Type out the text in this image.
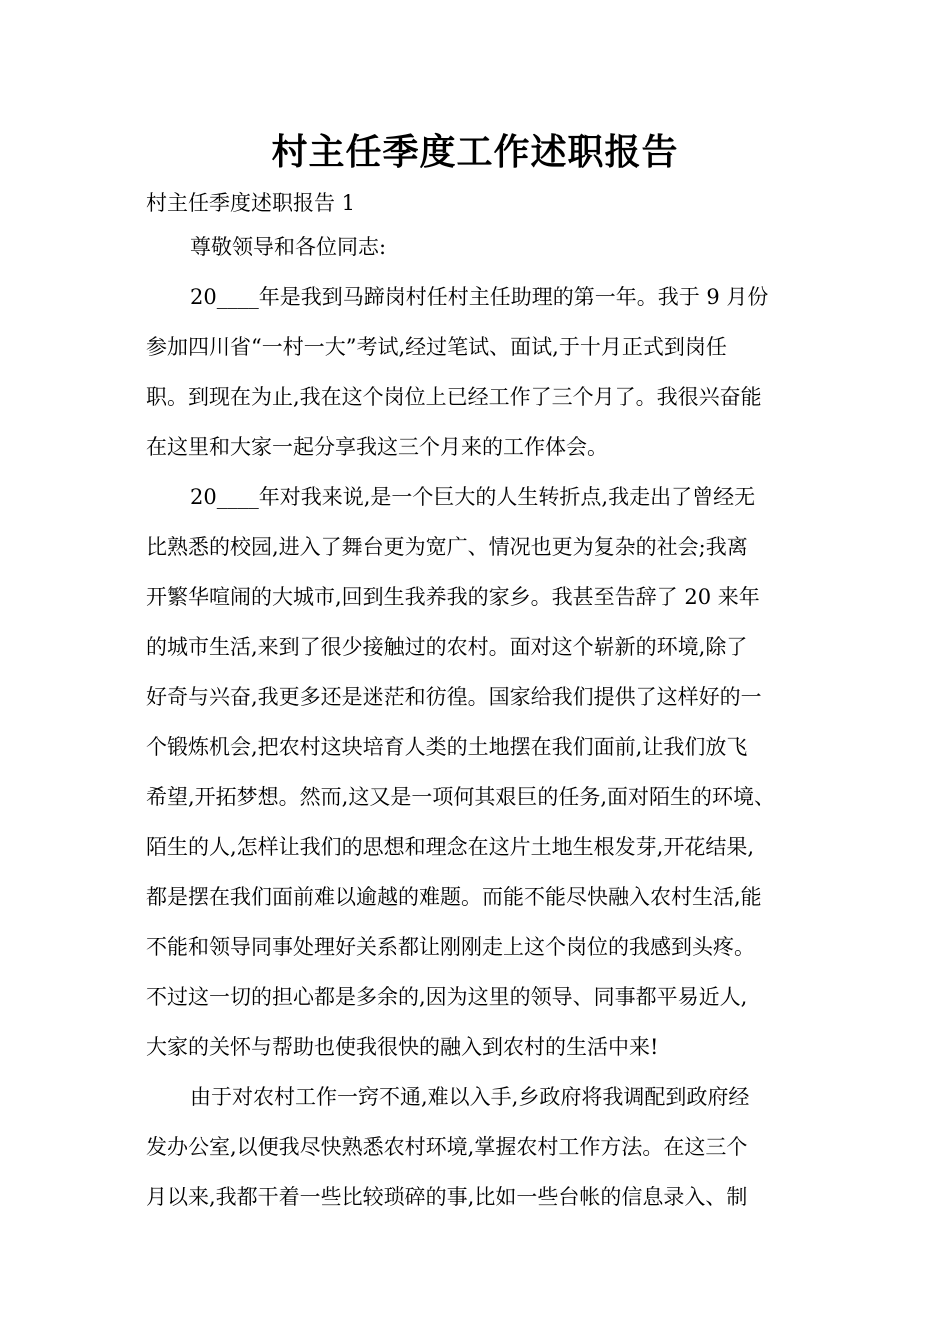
村主任季度工作述职报告
村主任季度述职报告 1
尊敬领导和各位同志:
20____年是我到马蹄岗村任村主任助理的第一年。我于 9 月份
参加四川省“一村一大”考试,经过笔试、面试,于十月正式到岗任
职。到现在为止,我在这个岗位上已经工作了三个月了。我很兴奋能
在这里和大家一起分享我这三个月来的工作体会。
20____年对我来说,是一个巨大的人生转折点,我走出了曾经无
比熟悉的校园,进入了舞台更为宽广、情况也更为复杂的社会;我离
开繁华喧闹的大城市,回到生我养我的家乡。我甚至告辞了 20 来年
的城市生活,来到了很少接触过的农村。面对这个崭新的环境,除了
好奇与兴奋,我更多还是迷茫和彷徨。国家给我们提供了这样好的一
个锻炼机会,把农村这块培育人类的土地摆在我们面前,让我们放飞
希望,开拓梦想。然而,这又是一项何其艰巨的任务,面对陌生的环境、
陌生的人,怎样让我们的思想和理念在这片土地生根发芽,开花结果,
都是摆在我们面前难以逾越的难题。而能不能尽快融入农村生活,能
不能和领导同事处理好关系都让刚刚走上这个岗位的我感到头疼。
不过这一切的担心都是多余的,因为这里的领导、同事都平易近人,
大家的关怀与帮助也使我很快的融入到农村的生活中来!
由于对农村工作一窍不通,难以入手,乡政府将我调配到政府经
发办公室,以便我尽快熟悉农村环境,掌握农村工作方法。在这三个
月以来,我都干着一些比较琐碎的事,比如一些台帐的信息录入、制
